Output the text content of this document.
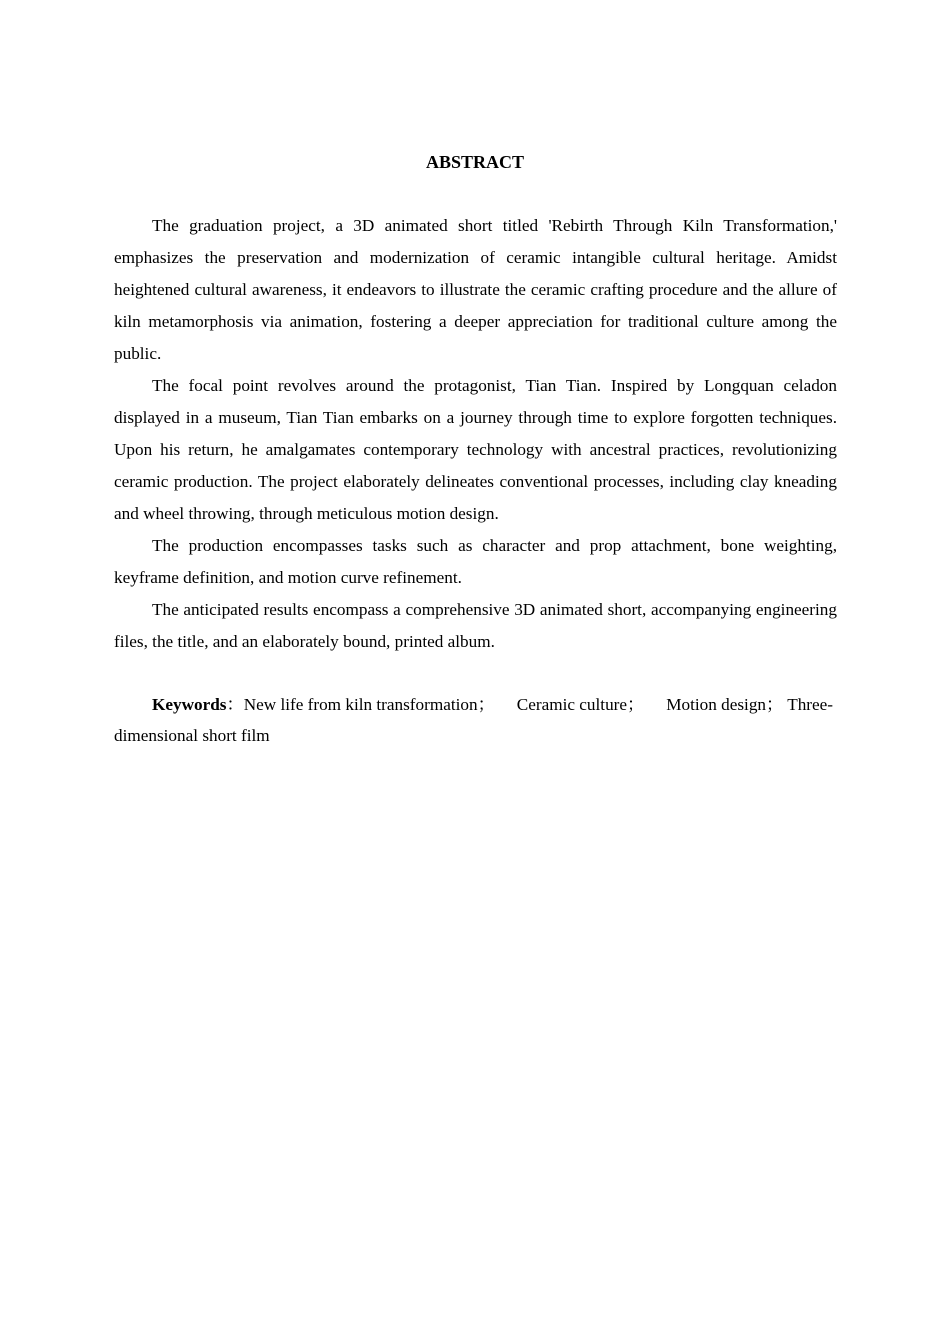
ABSTRACT

The graduation project, a 3D animated short titled 'Rebirth Through Kiln Transformation,' emphasizes the preservation and modernization of ceramic intangible cultural heritage. Amidst heightened cultural awareness, it endeavors to illustrate the ceramic crafting procedure and the allure of kiln metamorphosis via animation, fostering a deeper appreciation for traditional culture among the public.

The focal point revolves around the protagonist, Tian Tian. Inspired by Longquan celadon displayed in a museum, Tian Tian embarks on a journey through time to explore forgotten techniques. Upon his return, he amalgamates contemporary technology with ancestral practices, revolutionizing ceramic production. The project elaborately delineates conventional processes, including clay kneading and wheel throwing, through meticulous motion design.

The production encompasses tasks such as character and prop attachment, bone weighting, keyframe definition, and motion curve refinement.

The anticipated results encompass a comprehensive 3D animated short, accompanying engineering files, the title, and an elaborately bound, printed album.

Keywords：New life from kiln transformation； Ceramic culture； Motion design； Three-dimensional short film
